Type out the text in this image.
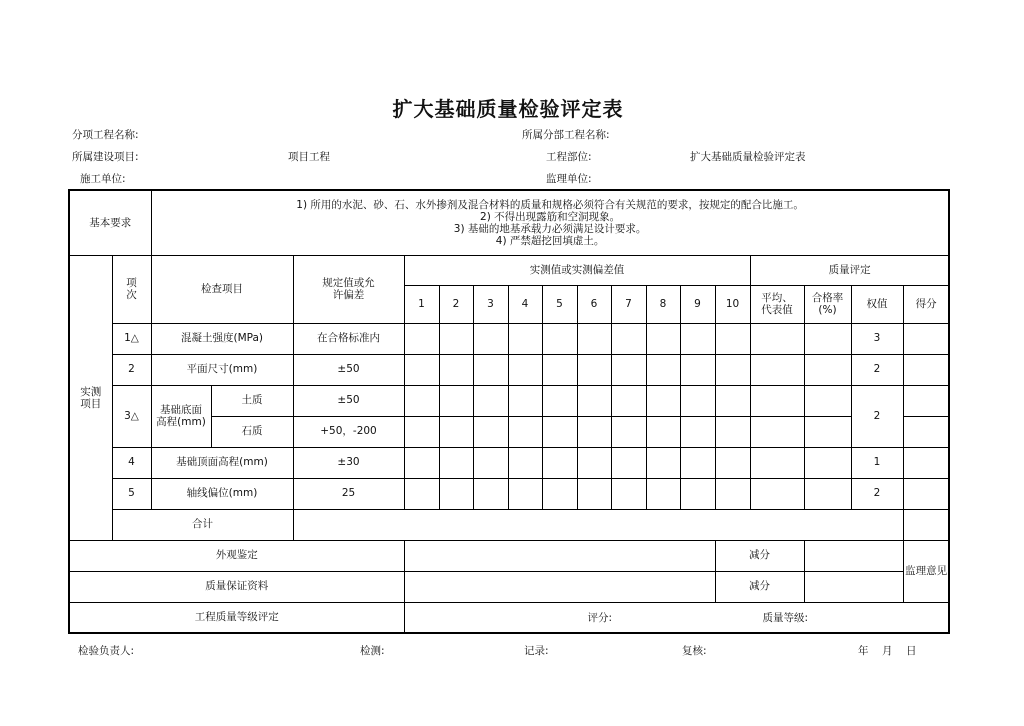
扩大基础质量检验评定表
分项工程名称:	所属分部工程名称:
所属建设项目:	项目工程	工程部位:	扩大基础质量检验评定表
施工单位:	监理单位:
基本要求		1) 所用的水泥、砂、石、水外掺剂及混合材料的质量和规格必须符合有关规范的要求，按规定的配合比施工。
2) 不得出现露筋和空洞现象。
3) 基础的地基承载力必须满足设计要求。
4) 严禁超挖回填虚土。																	

实测项目	项次	检查项目		规定值或允许偏差	实测值或实测偏差值										质量评定				
					1	2	3	4	5	6	7	8	9	10	平均、代表值	合格率(%)	权值	得分	
	1△	混凝土强度(MPa)		在合格标准内													3		
	2	平面尺寸(mm)		±50													2		
	3△	基础底面高程(mm)	土质	±50													2		
			石质	+50，-200															
	4	基础顶面高程(mm)		±30													1		
	5	轴线偏位(mm)		25													2		
	合计																		
外观鉴定														减分				监理意见	
质量保证资料														减分					
工程质量等级评定					评分: 质量等级:														
检验负责人:	检测:	记录:	复核:	年 月 日
